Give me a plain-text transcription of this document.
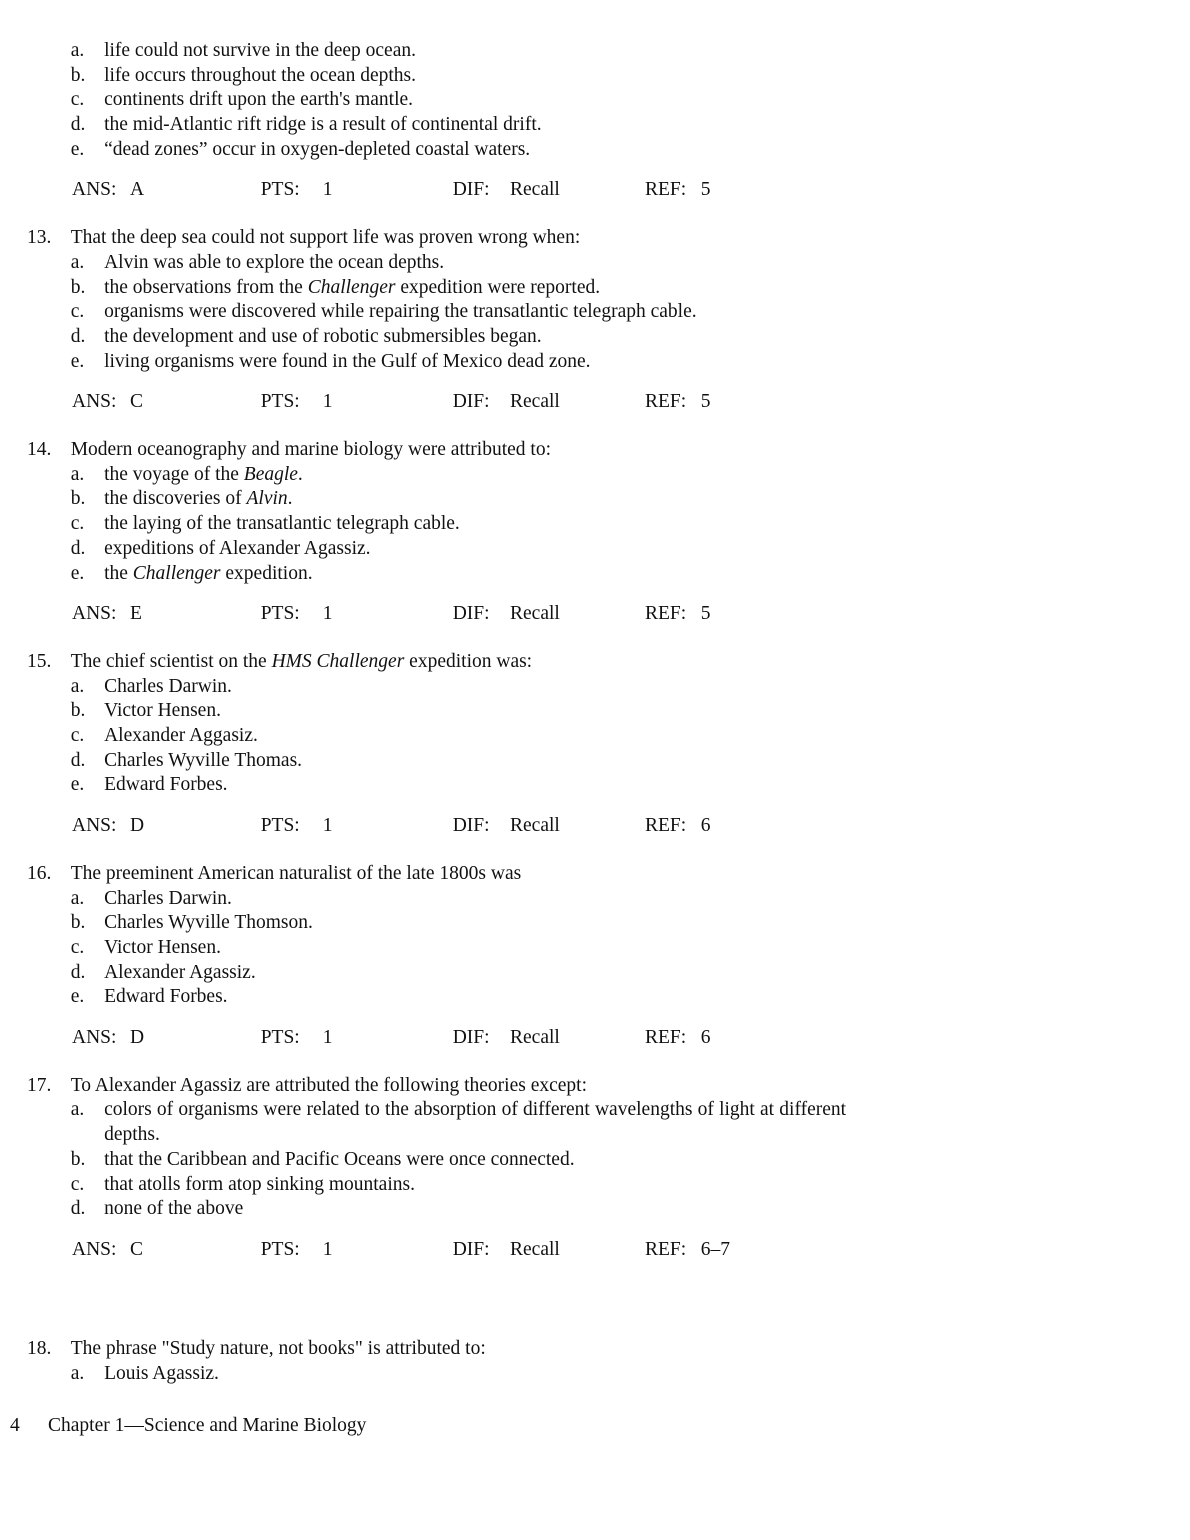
a.	life could not survive in the deep ocean.
b. life occurs throughout the ocean depths.
c.	continents drift upon the earth's mantle.
d. the mid-Atlantic rift ridge is a result of continental drift.
e.	“dead zones” occur in oxygen-depleted coastal waters.
ANS: A	PTS: 1	DIF: Recall	REF: 5
13. That the deep sea could not support life was proven wrong when:
a.	Alvin was able to explore the ocean depths.
b. the observations from the Challenger expedition were reported.
c.	organisms were discovered while repairing the transatlantic telegraph cable.
d. the development and use of robotic submersibles began.
e.	living organisms were found in the Gulf of Mexico dead zone.
ANS: C	PTS: 1	DIF: Recall	REF: 5
14. Modern oceanography and marine biology were attributed to:
a.	the voyage of the Beagle.
b. the discoveries of Alvin.
c.	the laying of the transatlantic telegraph cable.
d. expeditions of Alexander Agassiz.
e.	the Challenger expedition.
ANS: E	PTS: 1	DIF: Recall	REF: 5
15. The chief scientist on the HMS Challenger expedition was:
a.	Charles Darwin.
b. Victor Hensen.
c.	Alexander Aggasiz.
d. Charles Wyville Thomas.
e.	Edward Forbes.
ANS: D	PTS: 1	DIF: Recall	REF: 6
16. The preeminent American naturalist of the late 1800s was
a.	Charles Darwin.
b. Charles Wyville Thomson.
c.	Victor Hensen.
d. Alexander Agassiz.
e.	Edward Forbes.
ANS: D	PTS: 1	DIF: Recall	REF: 6
17. To Alexander Agassiz are attributed the following theories except:
a.	colors of organisms were related to the absorption of different wavelengths of light at different depths.
b. that the Caribbean and Pacific Oceans were once connected.
c.	that atolls form atop sinking mountains.
d. none of the above
ANS: C	PTS: 1	DIF: Recall	REF: 6–7
18. The phrase "Study nature, not books" is attributed to:
a.	Louis Agassiz.
4 Chapter 1—Science and Marine Biology
